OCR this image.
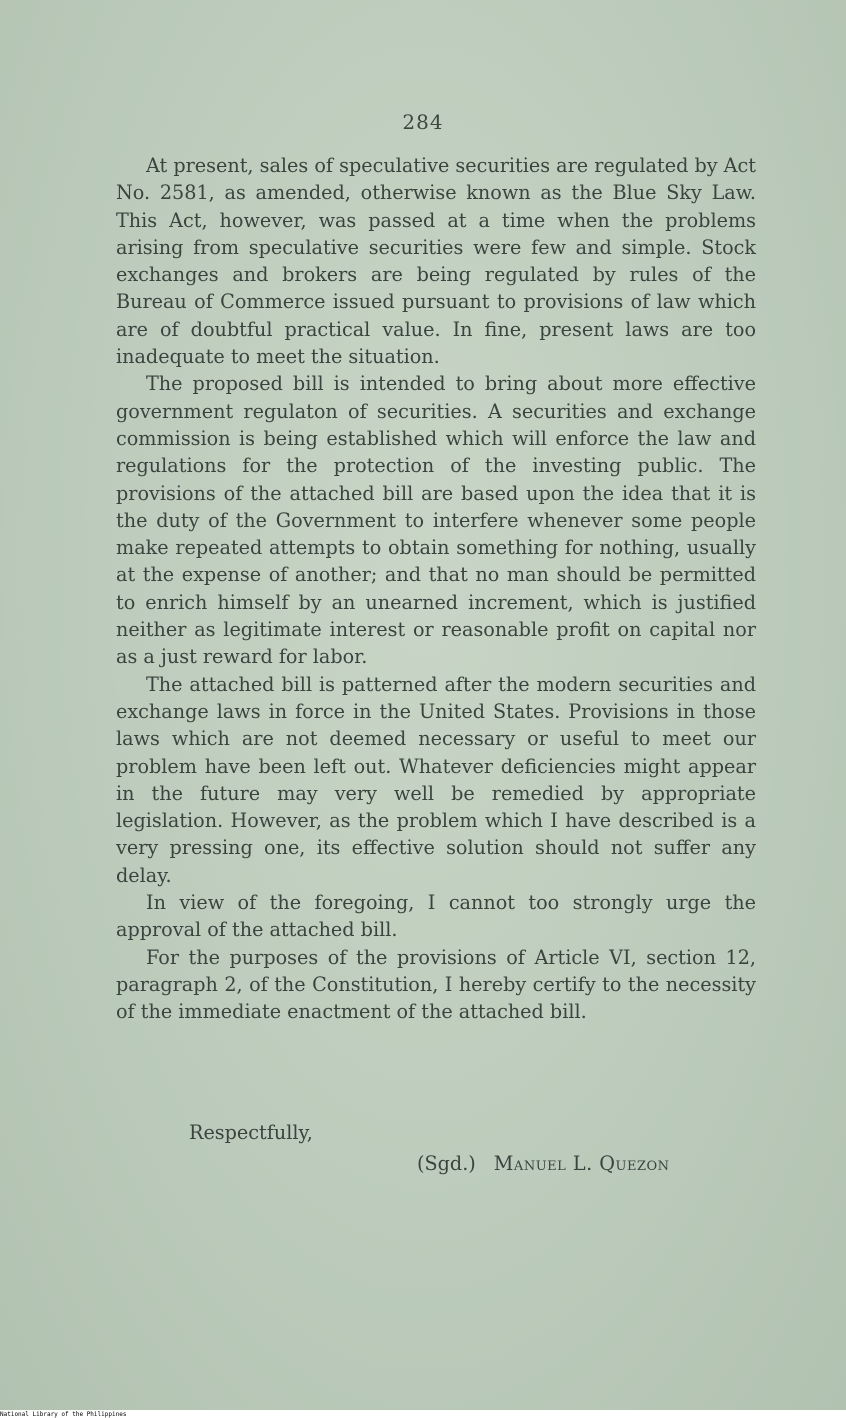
284

At present, sales of speculative securities are regulated by Act No. 2581, as amended, otherwise known as the Blue Sky Law. This Act, however, was passed at a time when the problems arising from speculative securities were few and simple. Stock exchanges and brokers are being regulated by rules of the Bureau of Commerce issued pursuant to provisions of law which are of doubtful practical value. In fine, present laws are too inadequate to meet the situation.

The proposed bill is intended to bring about more effective government regulaton of securities. A securities and exchange commission is being established which will enforce the law and regulations for the protection of the investing public. The provisions of the attached bill are based upon the idea that it is the duty of the Government to interfere whenever some people make repeated attempts to obtain something for nothing, usually at the expense of another; and that no man should be permitted to enrich himself by an unearned increment, which is justified neither as legitimate interest or reasonable profit on capital nor as a just reward for labor.

The attached bill is patterned after the modern securities and exchange laws in force in the United States. Provisions in those laws which are not deemed necessary or useful to meet our problem have been left out. Whatever deficiencies might appear in the future may very well be remedied by appropriate legislation. However, as the problem which I have described is a very pressing one, its effective solution should not suffer any delay.

In view of the foregoing, I cannot too strongly urge the approval of the attached bill.

For the purposes of the provisions of Article VI, section 12, paragraph 2, of the Constitution, I hereby certify to the necessity of the immediate enactment of the attached bill.

Respectfully,
(Sgd.) Manuel L. Quezon
National Library of the Philippines
